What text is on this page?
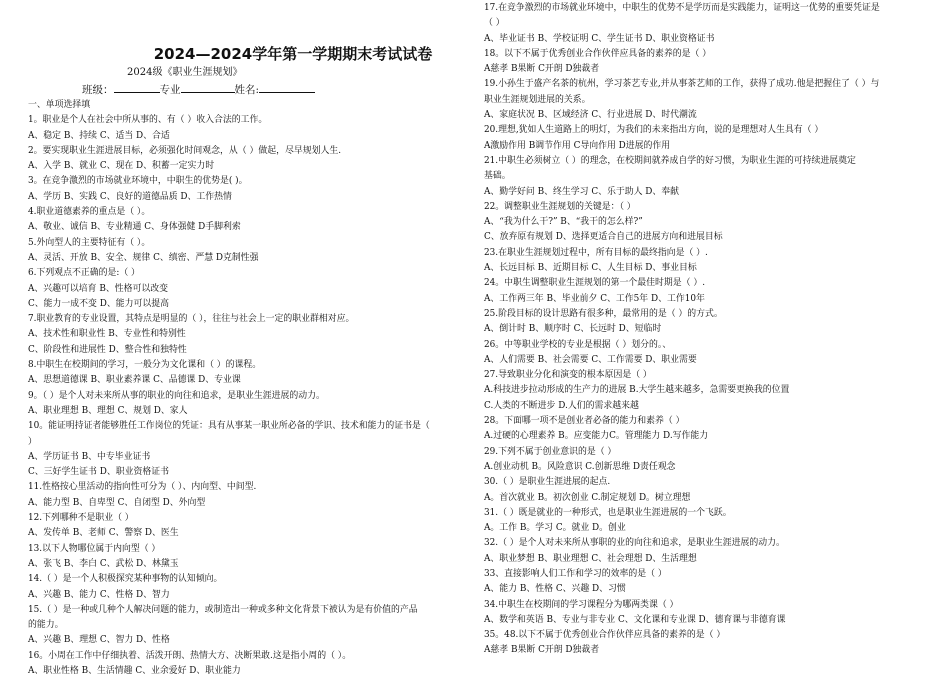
2024—2024学年第一学期期末考试试卷
2024级《职业生涯规划》
班级：	专业	姓名:
一、单项选择填
1。职业是个人在社会中所从事的、有（ ）收入合法的工作。
A、稳定 B、持续 C、适当 D、合适
2。要实现职业生涯进展目标，必须强化时间观念，从（ ）做起，尽早规划人生.
A、入学 B、就业 C、现在 D、积蓄一定实力时
3。在竞争激烈的市场就业环境中，中职生的优势是( )。
A、学历 B、实践 C、良好的道德品质 D、工作热情
4.职业道德素养的重点是（ ）。
A、敬业、诚信 B、专业精通 C、身体强健 D手脚利索
5.外向型人的主要特征有（ ）。
A、灵活、开放 B、安全、规律 C、缜密、严慧 D克制性强
6.下列观点不正确的是:（ ）
A、兴趣可以培育 B、性格可以改变
C、能力一成不变 D、能力可以提高
7.职业教育的专业设置，其特点是明显的（ ），往往与社会上一定的职业群相对应。
A、技术性和职业性 B、专业性和特别性
C、阶段性和进展性 D、整合性和独特性
8.中职生在校期间的学习，一般分为文化课和（ ）的课程。
A、思想道德课 B、职业素养课 C、品德课 D、专业课
9。（ ）是个人对未来所从事的职业的向往和追求，是职业生涯进展的动力。
A、职业理想 B、理想 C、规划 D、家人
10。能证明持证者能够胜任工作岗位的凭证：具有从事某一职业所必备的学识、技术和能力的证书是（
）
A、学历证书 B、中专毕业证书
C、三好学生证书 D、职业资格证书
11.性格按心里活动的指向性可分为（ ）、内向型、中间型.
A、能力型 B、自卑型 C、自闭型 D、外向型
12.下列哪种不是职业（ ）
A、发传单 B、老师 C、警察 D、医生
13.以下人物哪位属于内向型（ ）
A、张飞 B、李白 C、武松 D、林黛玉
14.（ ）是一个人积极探究某种事物的认知倾向。
A、兴趣 B、能力 C、性格 D、智力
15.（ ）是一种或几种个人解决问题的能力，或制造出一种或多种文化背景下被认为是有价值的产品
的能力。
A、兴趣 B、理想 C、智力 D、性格
16。小周在工作中仔细执着、活泼开朗、热情大方、决断果敢.这是指小周的（ ）。
A、职业性格 B、生活情趣 C、业余爱好 D、职业能力
17.在竞争激烈的市场就业环境中，中职生的优势不是学历而是实践能力，证明这一优势的重要凭证是
（ ）
A、毕业证书 B、学校证明 C、学生证书 D、职业资格证书
18。以下不属于优秀创业合作伙伴应具备的素养的是（ ）
A慈孝 B果断 C开朗 D独裁者
19.小孙生于盛产名茶的杭州，学习茶艺专业,并从事茶艺师的工作，获得了成功.他是把握住了（ ）与
职业生涯规划进展的关系。
A、家庭状况 B、区域经济 C、行业进展 D、时代潮流
20.理想,犹如人生道路上的明灯，为我们的未来指出方向，说的是理想对人生具有（ ）
A激励作用 B调节作用 C导向作用 D进展的作用
21.中职生必须树立（ ）的理念，在校期间就养成自学的好习惯，为职业生涯的可持续进展奠定
基础。
A、勤学好问 B、终生学习 C、乐于助人 D、奉献
22。调整职业生涯规划的关键是：（ ）
A、“我为什么干?” B、“我干的怎么样?”
C、放弃原有规划 D、选择更适合自己的进展方向和进展目标
23.在职业生涯规划过程中，所有目标的最终指向是（ ）.
A、长远目标 B、近期目标 C、人生目标 D、事业目标
24。中职生调整职业生涯规划的第一个最佳时期是（ ）.
A、工作两三年 B、毕业前夕 C、工作5年 D、工作10年
25.阶段目标的设计思路有很多种，最常用的是（ ）的方式。
A、倒计时 B、顺序时 C、长远时 D、短临时
26。中等职业学校的专业是根据（ ）划分的。、
A、人们需要 B、社会需要 C、工作需要 D、职业需要
27.导致职业分化和演变的根本原因是（ ）
A.科技进步拉动形成的生产力的进展 B.大学生越来越多，急需要更换我的位置
C.人类的不断进步 D.人们的需求越来越
28。下面哪一项不是创业者必备的能力和素养（ ）
A.过硬的心理素养 B。应变能力C。管理能力 D.写作能力
29.下列不属于创业意识的是（ ）
A.创业动机 B。风险意识 C.创新思维 D责任观念
30.（ ）是职业生涯进展的起点.
A。首次就业 B。初次创业 C.制定规划 D。树立理想
31.（ ）既是就业的一种形式，也是职业生涯进展的一个飞跃。
A。工作 B。学习 C。就业 D。创业
32.（ ）是个人对未来所从事职的业的向往和追求，是职业生涯进展的动力。
A、职业梦想 B、职业理想 C、社会理想 D、生活理想
33、直接影响人们工作和学习的效率的是（ ）
A、能力 B、性格 C、兴趣 D、习惯
34.中职生在校期间的学习课程分为哪两类课（ ）
A、数学和英语 B、专业与非专业 C、文化课和专业课 D、德育课与非德育课
35。48.以下不属于优秀创业合作伙伴应具备的素养的是（ ）
A慈孝 B果断 C开朗 D独裁者
